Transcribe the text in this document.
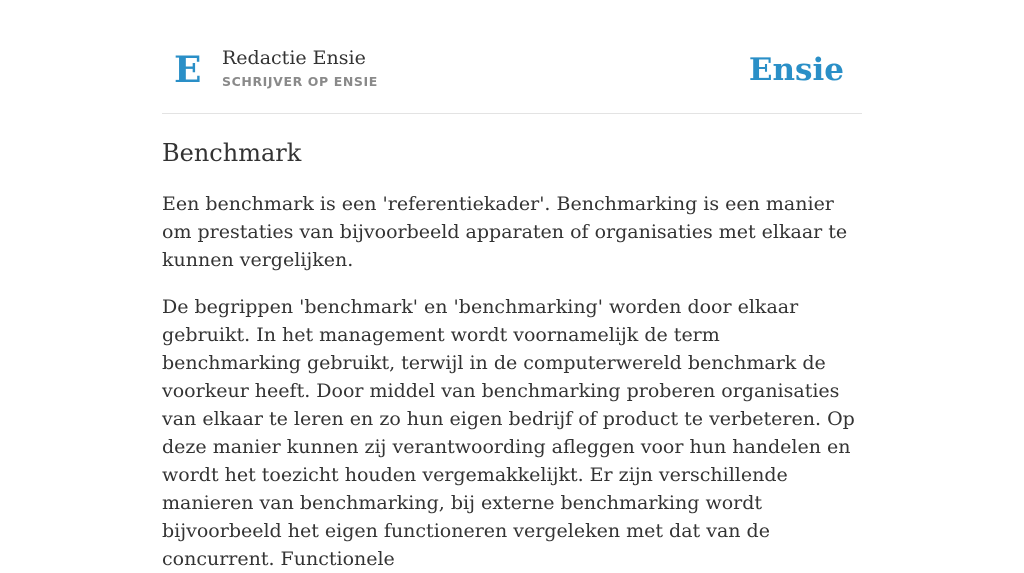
E Redactie Ensie
SCHRIJVER OP ENSIE	Ensie
Benchmark

Een benchmark is een 'referentiekader'. Benchmarking is een manier om prestaties van bijvoorbeeld apparaten of organisaties met elkaar te kunnen vergelijken.

De begrippen 'benchmark' en 'benchmarking' worden door elkaar gebruikt. In het management wordt voornamelijk de term benchmarking gebruikt, terwijl in de computerwereld benchmark de voorkeur heeft. Door middel van benchmarking proberen organisaties van elkaar te leren en zo hun eigen bedrijf of product te verbeteren. Op deze manier kunnen zij verantwoording afleggen voor hun handelen en wordt het toezicht houden vergemakkelijkt. Er zijn verschillende manieren van benchmarking, bij externe benchmarking wordt bijvoorbeeld het eigen functioneren vergeleken met dat van de concurrent. Functionele
